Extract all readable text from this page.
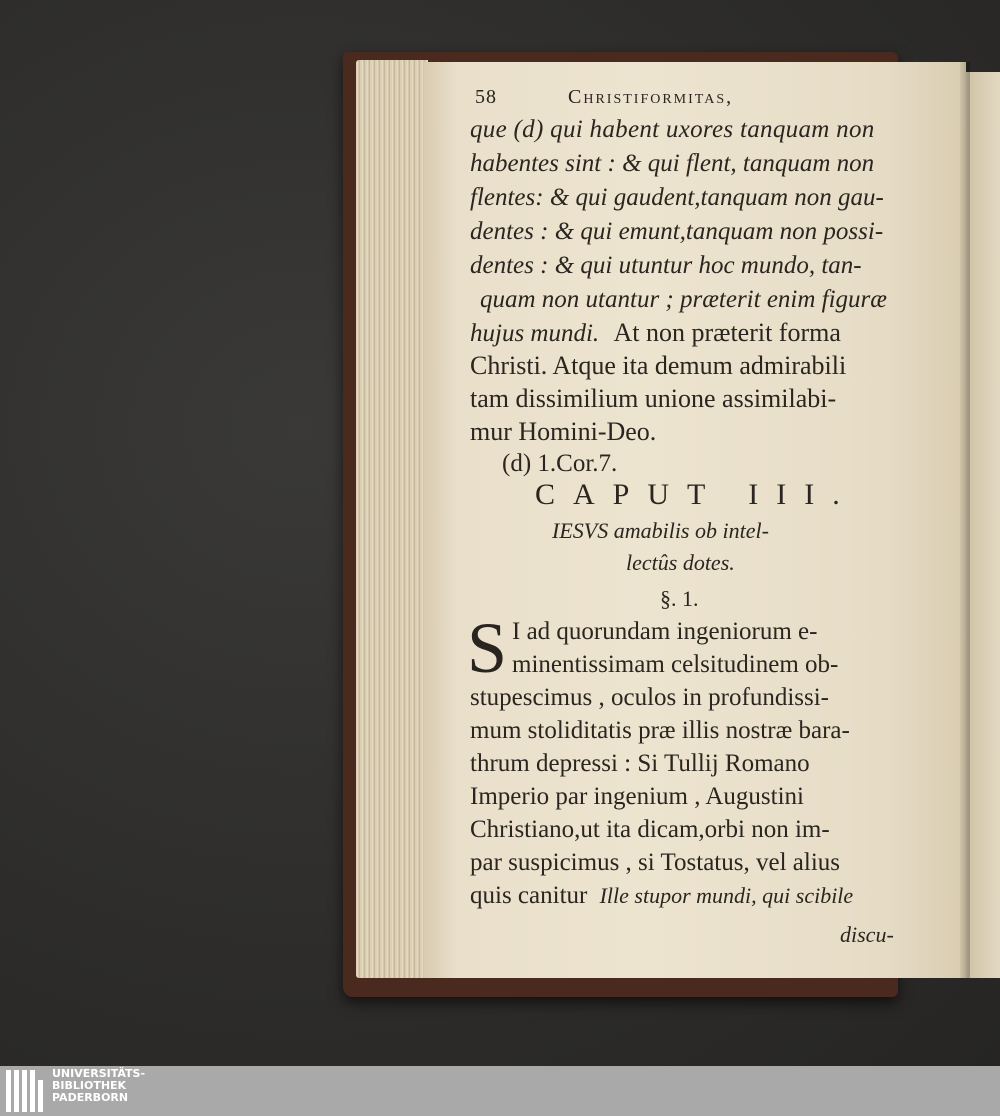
58	Christiformitas,
que (d) qui habent uxores tanquam non
habentes sint : & qui flent, tanquam non
flentes: & qui gaudent,tanquam non gau-
dentes : & qui emunt,tanquam non possi-
dentes : & qui utuntur hoc mundo, tan-
quam non utantur ; præterit enim figuræ
hujus mundi. At non præterit forma
Christi. Atque ita demum admirabili
tam dissimilium unione assimilabi-
mur Homini-Deo.
(d) 1.Cor.7.
CAPUT III.
IESVS amabilis ob intel-
lectûs dotes.
§. 1.
S I ad quorundam ingeniorum e-
minentissimam celsitudinem ob-
stupescimus , oculos in profundissi-
mum stoliditatis præ illis nostræ bara-
thrum depressi : Si Tullij Romano
Imperio par ingenium , Augustini
Christiano,ut ita dicam,orbi non im-
par suspicimus , si Tostatus, vel alius
quis canitur Ille stupor mundi, qui scibile
discu-
UNIVERSITÄTS-
BIBLIOTHEK
PADERBORN
